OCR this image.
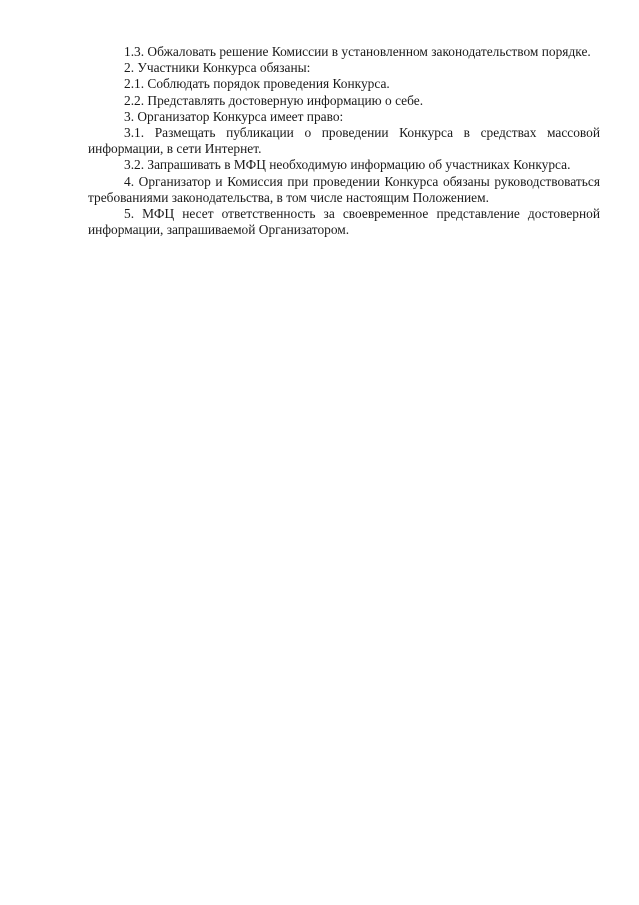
1.3. Обжаловать решение Комиссии в установленном законодательством порядке.

2. Участники Конкурса обязаны:

2.1. Соблюдать порядок проведения Конкурса.

2.2. Представлять достоверную информацию о себе.

3. Организатор Конкурса имеет право:

3.1. Размещать публикации о проведении Конкурса в средствах массовой информации, в сети Интернет.

3.2. Запрашивать в МФЦ необходимую информацию об участниках Конкурса.

4. Организатор и Комиссия при проведении Конкурса обязаны руководствоваться требованиями законодательства, в том числе настоящим Положением.

5. МФЦ несет ответственность за своевременное представление достоверной информации, запрашиваемой Организатором.
